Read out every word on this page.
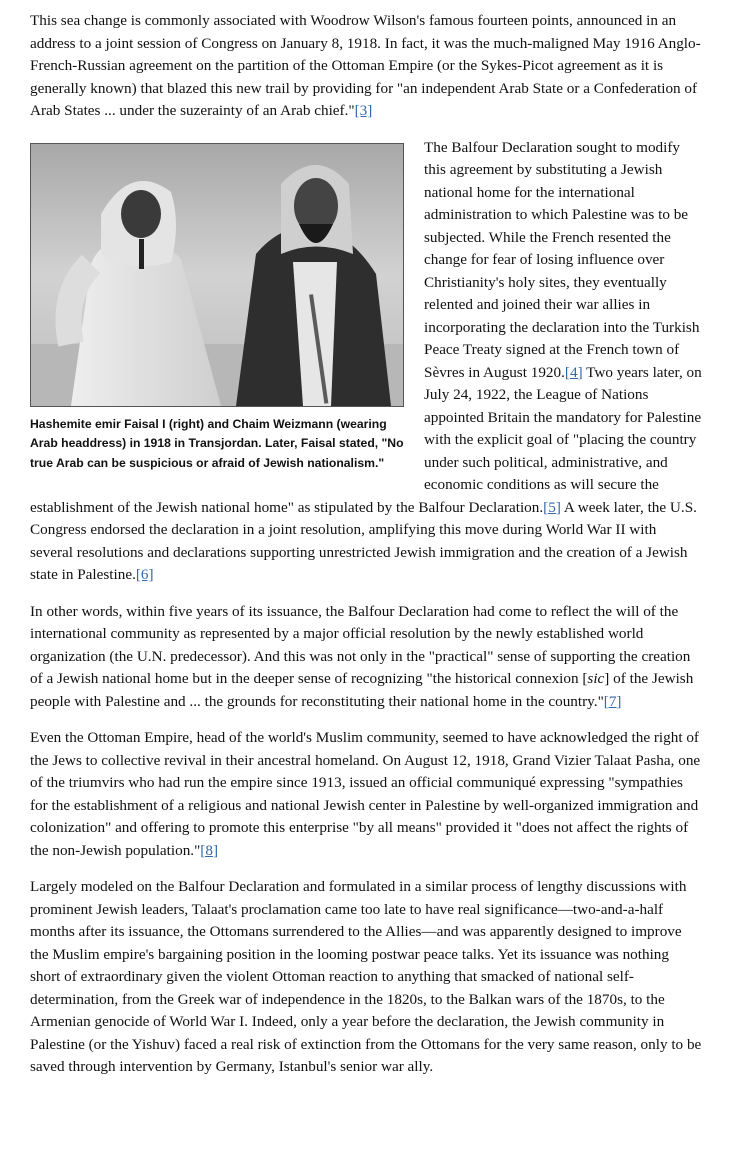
This sea change is commonly associated with Woodrow Wilson's famous fourteen points, announced in an address to a joint session of Congress on January 8, 1918. In fact, it was the much-maligned May 1916 Anglo-French-Russian agreement on the partition of the Ottoman Empire (or the Sykes-Picot agreement as it is generally known) that blazed this new trail by providing for "an independent Arab State or a Confederation of Arab States ... under the suzerainty of an Arab chief."[3]

Hashemite emir Faisal I (right) and Chaim Weizmann (wearing Arab headdress) in 1918 in Transjordan. Later, Faisal stated, "No true Arab can be suspicious or afraid of Jewish nationalism."

The Balfour Declaration sought to modify this agreement by substituting a Jewish national home for the international administration to which Palestine was to be subjected. While the French resented the change for fear of losing influence over Christianity's holy sites, they eventually relented and joined their war allies in incorporating the declaration into the Turkish Peace Treaty signed at the French town of Sèvres in August 1920.[4] Two years later, on July 24, 1922, the League of Nations appointed Britain the mandatory for Palestine with the explicit goal of "placing the country under such political, administrative, and economic conditions as will secure the establishment of the Jewish national home" as stipulated by the Balfour Declaration.[5] A week later, the U.S. Congress endorsed the declaration in a joint resolution, amplifying this move during World War II with several resolutions and declarations supporting unrestricted Jewish immigration and the creation of a Jewish state in Palestine.[6]

In other words, within five years of its issuance, the Balfour Declaration had come to reflect the will of the international community as represented by a major official resolution by the newly established world organization (the U.N. predecessor). And this was not only in the "practical" sense of supporting the creation of a Jewish national home but in the deeper sense of recognizing "the historical connexion [sic] of the Jewish people with Palestine and ... the grounds for reconstituting their national home in the country."[7]

Even the Ottoman Empire, head of the world's Muslim community, seemed to have acknowledged the right of the Jews to collective revival in their ancestral homeland. On August 12, 1918, Grand Vizier Talaat Pasha, one of the triumvirs who had run the empire since 1913, issued an official communiqué expressing "sympathies for the establishment of a religious and national Jewish center in Palestine by well-organized immigration and colonization" and offering to promote this enterprise "by all means" provided it "does not affect the rights of the non-Jewish population."[8]

Largely modeled on the Balfour Declaration and formulated in a similar process of lengthy discussions with prominent Jewish leaders, Talaat's proclamation came too late to have real significance—two-and-a-half months after its issuance, the Ottomans surrendered to the Allies—and was apparently designed to improve the Muslim empire's bargaining position in the looming postwar peace talks. Yet its issuance was nothing short of extraordinary given the violent Ottoman reaction to anything that smacked of national self-determination, from the Greek war of independence in the 1820s, to the Balkan wars of the 1870s, to the Armenian genocide of World War I. Indeed, only a year before the declaration, the Jewish community in Palestine (or the Yishuv) faced a real risk of extinction from the Ottomans for the very same reason, only to be saved through intervention by Germany, Istanbul's senior war ally.
